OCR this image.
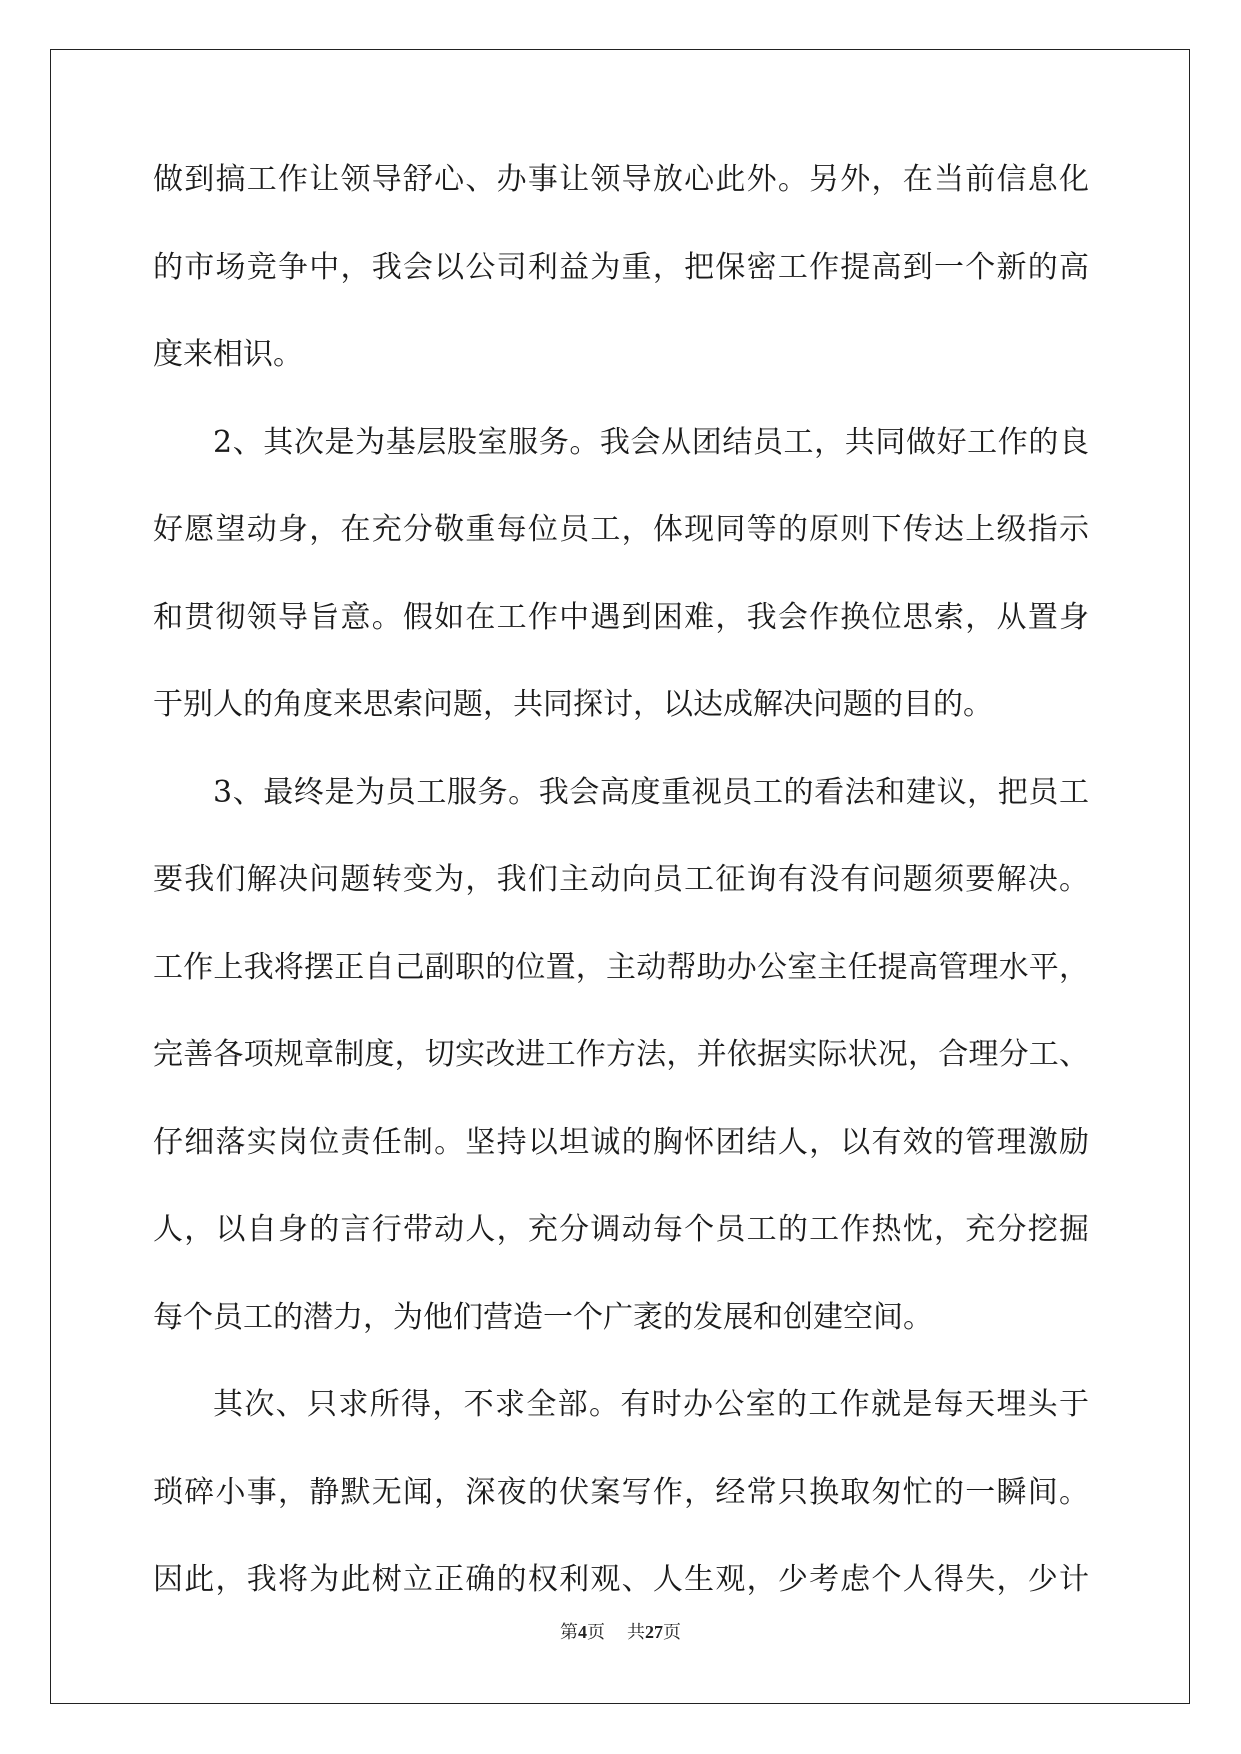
做到搞工作让领导舒心、办事让领导放心此外。另外，在当前信息化
的市场竞争中，我会以公司利益为重，把保密工作提高到一个新的高
度来相识。
2、其次是为基层股室服务。我会从团结员工，共同做好工作的良
好愿望动身，在充分敬重每位员工，体现同等的原则下传达上级指示
和贯彻领导旨意。假如在工作中遇到困难，我会作换位思索，从置身
于别人的角度来思索问题，共同探讨，以达成解决问题的目的。
3、最终是为员工服务。我会高度重视员工的看法和建议，把员工
要我们解决问题转变为，我们主动向员工征询有没有问题须要解决。
工作上我将摆正自己副职的位置，主动帮助办公室主任提高管理水平，
完善各项规章制度，切实改进工作方法，并依据实际状况，合理分工、
仔细落实岗位责任制。坚持以坦诚的胸怀团结人，以有效的管理激励
人，以自身的言行带动人，充分调动每个员工的工作热忱，充分挖掘
每个员工的潜力，为他们营造一个广袤的发展和创建空间。
其次、只求所得，不求全部。有时办公室的工作就是每天埋头于
琐碎小事，静默无闻，深夜的伏案写作，经常只换取匆忙的一瞬间。
因此，我将为此树立正确的权利观、人生观，少考虑个人得失，少计
第4页 共27页
